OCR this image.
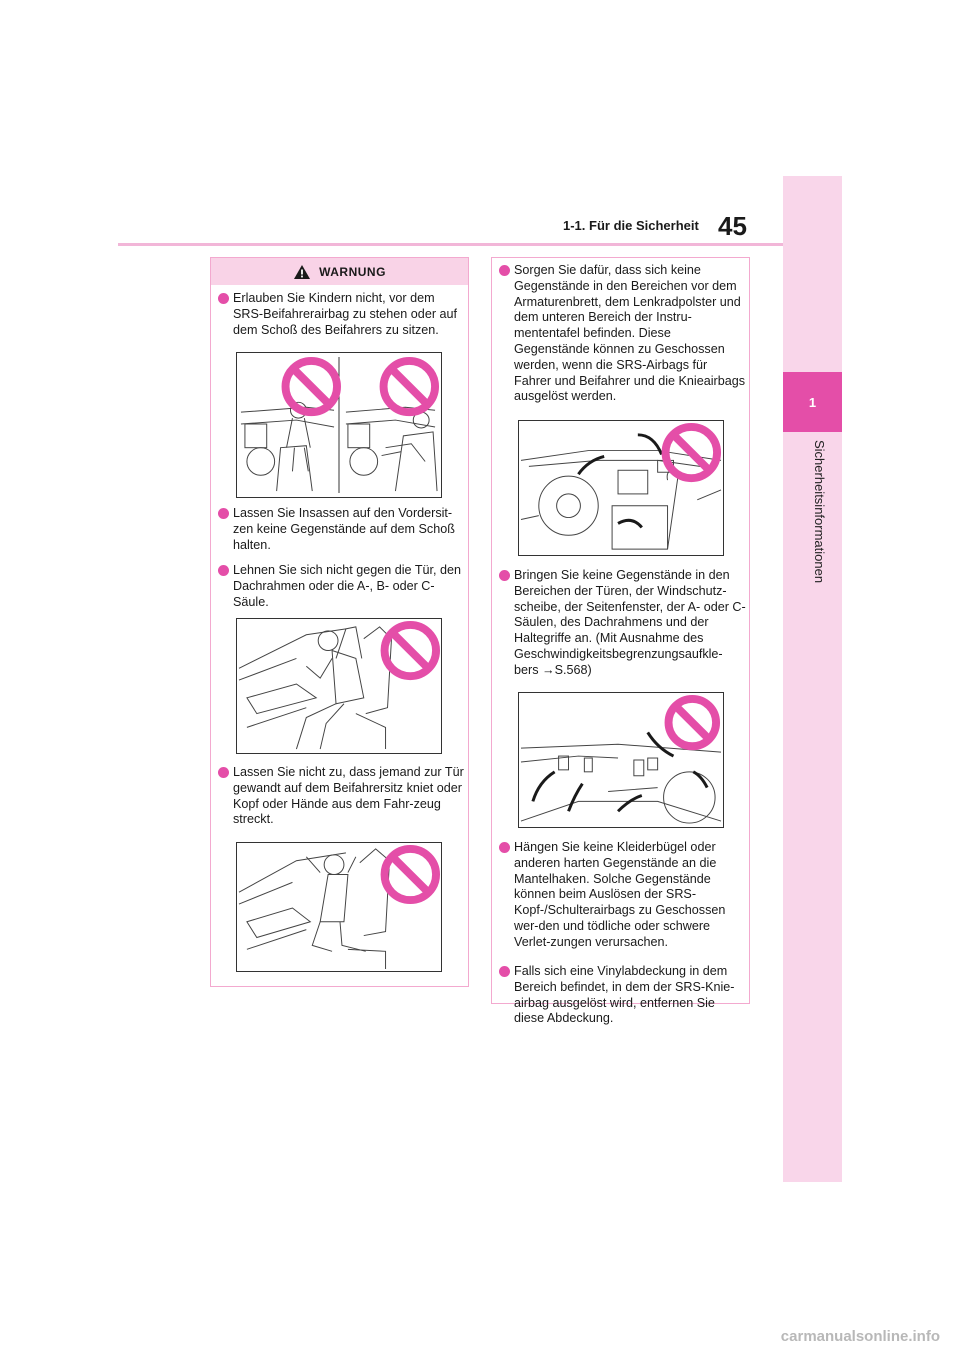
1-1. Für die Sicherheit 45
1
Sicherheitsinformationen
WARNUNG
Erlauben Sie Kindern nicht, vor dem SRS-Beifahrerairbag zu stehen oder auf dem Schoß des Beifahrers zu sitzen.
Lassen Sie Insassen auf den Vordersit-zen keine Gegenstände auf dem Schoß halten.
Lehnen Sie sich nicht gegen die Tür, den Dachrahmen oder die A-, B- oder C-Säule.
Lassen Sie nicht zu, dass jemand zur Tür gewandt auf dem Beifahrersitz kniet oder Kopf oder Hände aus dem Fahr-zeug streckt.
Sorgen Sie dafür, dass sich keine Gegenstände in den Bereichen vor dem Armaturenbrett, dem Lenkradpolster und dem unteren Bereich der Instru-mententafel befinden. Diese Gegenstände können zu Geschossen werden, wenn die SRS-Airbags für Fahrer und Beifahrer und die Knieairbags ausgelöst werden.
Bringen Sie keine Gegenstände in den Bereichen der Türen, der Windschutz-scheibe, der Seitenfenster, der A- oder C-Säulen, des Dachrahmens und der Haltegriffe an. (Mit Ausnahme des Geschwindigkeitsbegrenzungsaufkle-bers →S.568)
Hängen Sie keine Kleiderbügel oder anderen harten Gegenstände an die Mantelhaken. Solche Gegenstände können beim Auslösen der SRS-Kopf-/Schulterairbags zu Geschossen wer-den und tödliche oder schwere Verlet-zungen verursachen.
Falls sich eine Vinylabdeckung in dem Bereich befindet, in dem der SRS-Knie-airbag ausgelöst wird, entfernen Sie diese Abdeckung.
carmanualsonline.info
